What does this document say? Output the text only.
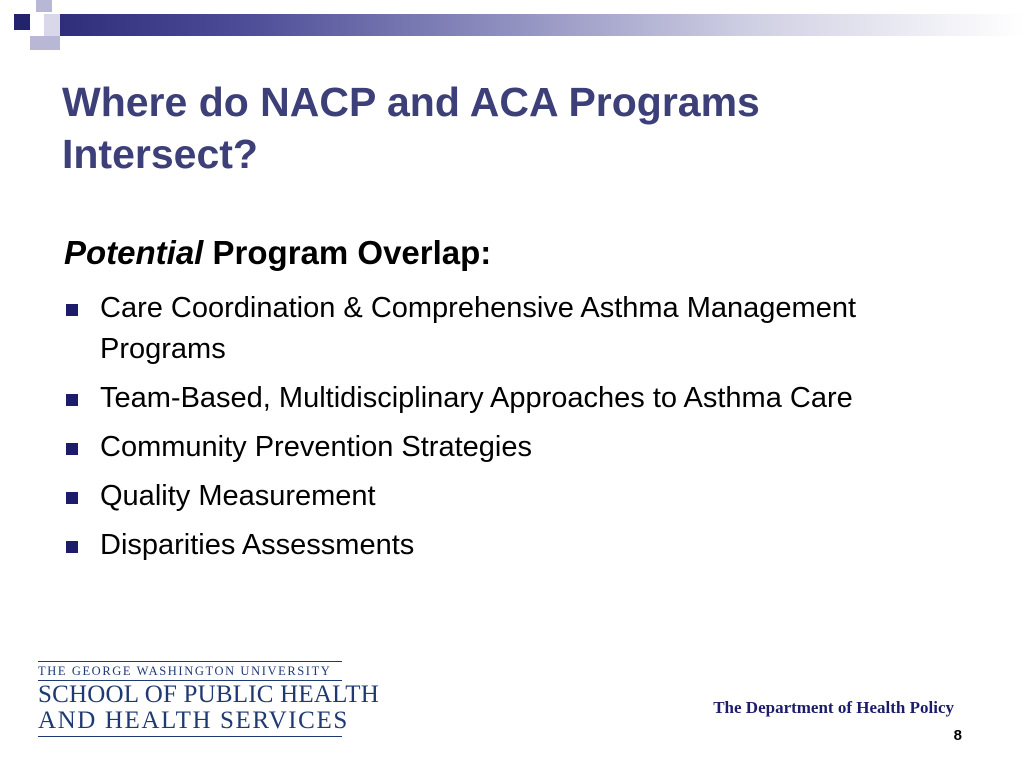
Where do NACP and ACA Programs
Intersect?
Potential Program Overlap:
Care Coordination & Comprehensive Asthma Management Programs
Team-Based, Multidisciplinary Approaches to Asthma Care
Community Prevention Strategies
Quality Measurement
Disparities Assessments
THE GEORGE WASHINGTON UNIVERSITY
SCHOOL OF PUBLIC HEALTH
AND HEALTH SERVICES	The Department of Health Policy
8
